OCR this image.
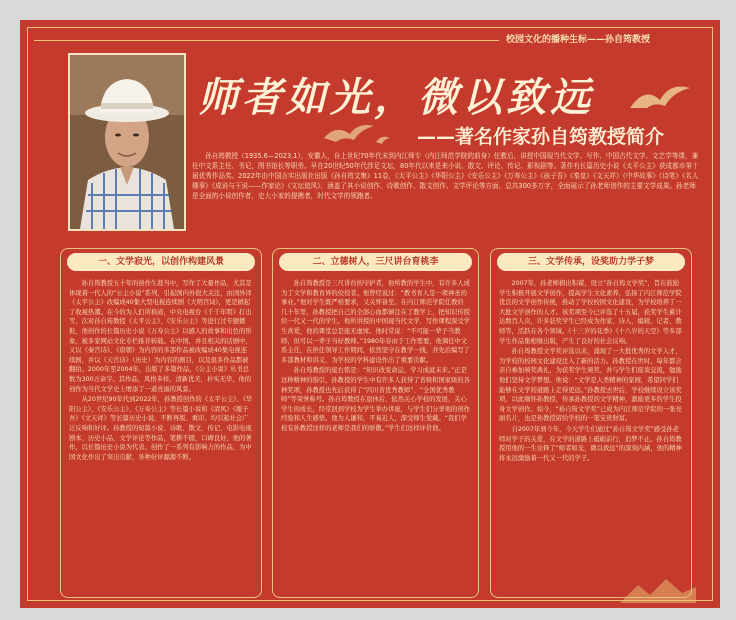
校园文化的播种生标——孙自筠教授
师者如光，微以致远
——著名作家孙自筠教授简介
孙自筠教授（1935.6—2023.1），安徽人，自上世纪70年代末到内江师专（内江师范学院的前身）任教后，讲授中国现当代文学、写作、中国古代文学、文艺学等课，兼任中文系主任、书记，图书馆长等职务。早在20世纪50年代涉足文坛，80年代以来是来小说、散文、评论、传记、影视剧等。著作有长篇历史小说《太平公主》获成都市第十届优秀作品奖。2022年由中国言实出版社出版《孙自筠文集》11卷，《太平公主》《华阳公主》《安乐公主》《万寿公主》《孩子吾》《秦皇》《文天祥》《中华故事》《诗笔》《名人趣事》《成说与王说——作家论》《文坛追风》，涵盖了其小说创作、诗歌创作、散文创作、文学评论等方面，总共300多万字，全面展示了孙老师创作的主要文学成果。孙老师是全面的小说创作者，史大小家的提携者，时代文学的领跑者。
一、文学寂光，以创作构建风景

孙自筠教授五十年的创作生涯当中，写作了大量作品，尤其是体现着一代人的“公主小说”系列，引起国内外很大关注，由国外译《太平公主》改编成40集大型电视连续剧《大明宫词》，更是掀起了收视热潮。在今的为人们所称道，中央电视台《千千年明》打出雪，次对孙自筠教授《太平公主》、《安乐公主》等进行过专题播报，他创作的长篇历史小说《万寿公主》以感人的故事和出色的形象，被多家网站文化专栏推荐转载。在中国，并且相关的话剧中，又以《秦宫诗》、《唐朝》为内容的多部作品被改编成40集电视连续剧，并以《天宫诗》（历史）为内容的剧目，以及很多作品都被翻拍。2000年至2004年，出版了多篇作品，《公主小说》丛书总数为300万余字。其作品，风格多样，清新优美，朴实无华，他的创作为当代文学史上增添了一道亮丽的风景。

从20世纪90年代到2022年，孙教授创作的《太平公主》、《华阳公主》、《安乐公主》、《万寿公主》等长篇小说和《清风》《瓶子吾》《文天祥》等长篇历史小说，不断再版、重印，均引起社会广泛反响和好评。孙教授的短篇小说、诗歌、散文、传记、电影电视剧本、历史小品、文学评论等作品，笔耕不辍，口碑良好，他的著作，以长篇历史小说为代表。创作了一系列有影响力的作品，为中国文化作出了突出贡献，各种好评源源不断。

二、立德树人，三尺讲台育桃李

孙自筠教授是三尺讲台的守护者，他所教的学生中，有许多人成为了文学和教育界的佼佼者。他曾经说过：“教书育人是一项神圣的事业。”他对学生既严格要求，又关怀备至。在内江师范学院任教的几十年里，孙教授把自己的全部心血都倾注在了教学上，把知识传授给一代又一代的学生。他所讲授的中国现当代文学、写作课程深受学生喜爱，他的课堂总是座无虚席。他时常说：“不可能一辈子当教师，但可以一辈子当好教师。”1980年春由于工作需要，他调任中文系主任，在担任领导工作期间，依然坚守在教学一线，并先后编写了多部教材和讲义，为学校的学科建设作出了重要贡献。

孙自筠教授的座右铭是：“知识改变命运，学习成就未来。”正是这种精神的指引，孙教授的学生中有许多人获得了省级和国家级的各种奖项，孙教授也先后获得了“四川省优秀教师”、“全国优秀教师”等荣誉称号。孙自筠教授在退休后，依然关心学校的发展，关心学生的成长，经常回到学校为学生举办讲座，与学生们分享他的创作经验和人生感悟。他为人谦和，平易近人，深受师生爱戴。“我们学校有孙教授这样的老师是我们的骄傲。”学生们这样评价他。

三、文学传承，设奖助力学子梦

2007年，孙老师捐出积蓄，设立“孙自筠文学奖”，旨在鼓励学生积极开展文学创作，提高学生文化素养，弘扬了内江师范学院优良的文学创作传统，推动了学校校园文化建设，为学校培养了一大批文学创作的人才。该奖项至今已评选了十五届，获奖学生累计达数百人次，许多获奖学生已经成为作家、诗人、编辑、记者、教师等，活跃在各个领域。《十三岁的花季》《十八岁的天空》等多部学生作品集相继出版，产生了良好的社会反响。

孙自筠教授文学奖评选以来，涌现了一大批优秀的文学人才，为学校的校园文化建设注入了新的活力。孙教授在世时，每年都会亲自参加颁奖典礼，为获奖学生颁奖，并与学生们座谈交流，勉励他们坚持文学梦想。他说：“文学是人类精神的家园，希望同学们能够在文学的道路上走得更远。”孙教授去世后，学校继续设立该奖项，以此缅怀孙教授，传承孙教授的文学精神，激励更多的学生投身文学创作。如今，“孙自筠文学奖”已成为内江师范学院的一张亮丽名片，也是孙教授留给学校的一笔宝贵财富。

自2007年到今年，今天学生们通过“孙自筠文学奖”感受孙老师对学子的关爱，在文学的道路上砥砺前行，追梦不止。孙自筠教授用他的一生诠释了“师者如光，微以致远”的深刻内涵，他的精神将永远激励着一代又一代的学子。
